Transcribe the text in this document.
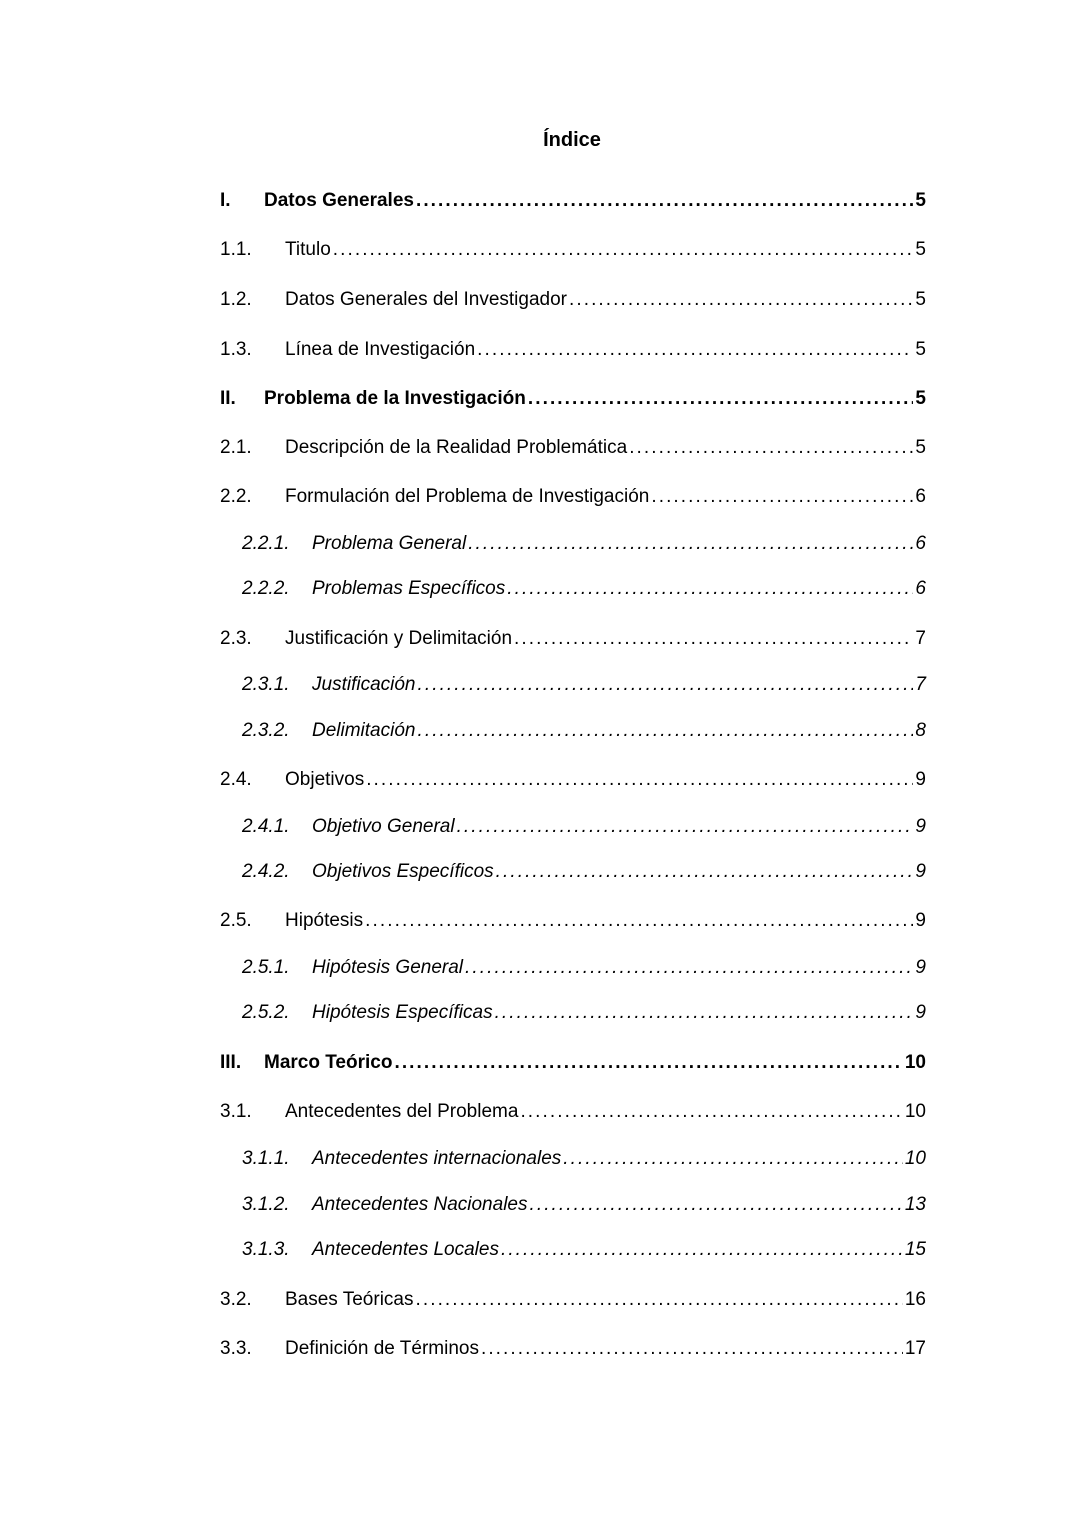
Índice
I.	Datos Generales . . .	5
1.1.	Titulo . . .	5
1.2.	Datos Generales del Investigador . . .	5
1.3.	Línea de Investigación . . .	5
II.	Problema de la Investigación . . .	5
2.1.	Descripción de la Realidad Problemática . . .	5
2.2.	Formulación del Problema de Investigación . . .	6
2.2.1.	Problema General . . .	6
2.2.2.	Problemas Específicos . . .	6
2.3.	Justificación y Delimitación . . .	7
2.3.1.	Justificación . . .	7
2.3.2.	Delimitación . . .	8
2.4.	Objetivos . . .	9
2.4.1.	Objetivo General . . .	9
2.4.2.	Objetivos Específicos . . .	9
2.5.	Hipótesis . . .	9
2.5.1.	Hipótesis General . . .	9
2.5.2.	Hipótesis Específicas . . .	9
III.	Marco Teórico . . .	10
3.1.	Antecedentes del Problema . . .	10
3.1.1.	Antecedentes internacionales . . .	10
3.1.2.	Antecedentes Nacionales . . .	13
3.1.3.	Antecedentes Locales . . .	15
3.2.	Bases Teóricas . . .	16
3.3.	Definición de Términos . . .	17
